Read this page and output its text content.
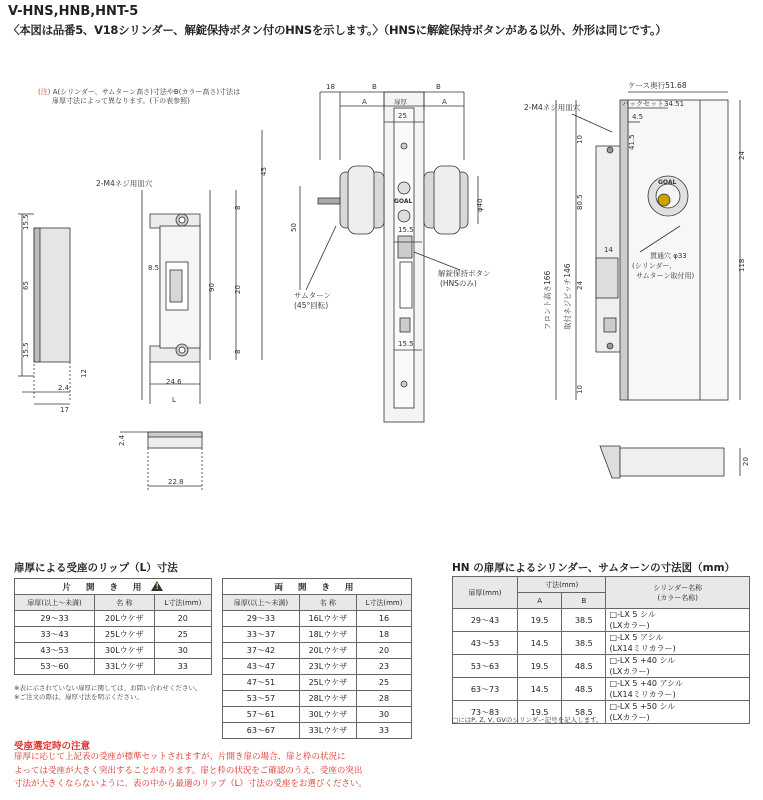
V-HNS,HNB,HNT-5
〈本図は品番5、V18シリンダー、解錠保持ボタン付のHNSを示します。〉（HNSに解錠保持ボタンがある以外、外形は同じです。）
(注) A(シリンダー、サムターン高さ)寸法やB(カラー高さ)寸法は
扉厚寸法によって異なります。(下の表参照)
15.5
65
15.5
2.4
17
12
8.5
24.6
L
8
20
90
8
45
2.4
22.8
18
A
B	B
A
25
50
φ40
15.5
15.5
4.5
41.5
10
80.5
24
118
14
24
10
20
2-M4ネジ用皿穴
扉厚
解錠保持ボタン
(HNSのみ)
サムターン
(45°回転)
ケース奥行51.68
バックセット34.51
2-M4ネジ用皿穴
フロント高さ166 取付ネジピッチ146
貫通穴 φ33
(シリンダー、
サムターン取付用)
GOAL
GOAL
扉厚による受座のリップ（L）寸法
片 開 き 用!
扉厚(以上〜未満)	名 称	L寸法(mm)
29〜33	20Lウケザ	20
33〜43	25Lウケザ	25
43〜53	30Lウケザ	30
53〜60	33Lウケザ	33
※表に示されていない扉厚に関しては、お問い合わせください。
※ご注文の際は、扉厚寸法を明示ください。
両 開 き 用		
扉厚(以上〜未満)	名 称	L寸法(mm)
29〜33	16Lウケザ	16
33〜37	18Lウケザ	18
37〜42	20Lウケザ	20
43〜47	23Lウケザ	23
47〜51	25Lウケザ	25
53〜57	28Lウケザ	28
57〜61	30Lウケザ	30
63〜67	33Lウケザ	33
HN の扉厚によるシリンダー、サムターンの寸法図（mm）
扉厚(mm)	寸法(mm)		シリンダー名称
(カラー名称)

	A	B	
29〜43	19.5	38.5	□-LX 5 シル
(LXカラー)

43〜53	14.5	38.5	□-LX 5 アシル
(LX14ミリカラー)

53〜63	19.5	48.5	□-LX 5 +40 シル
(LXカラー)

63〜73	14.5	48.5	□-LX 5 +40 アシル
(LX14ミリカラー)

73〜83	19.5	58.5	□-LX 5 +50 シル
(LXカラー)
□にはP, Z, V, GVのシリンダー記号を記入します。
受座選定時の注意
扉厚に応じて上記表の受座が標準セットされますが、片開き扉の場合、扉と枠の状況に
よっては受座が大きく突出することがあります。扉と枠の状況をご確認のうえ、受座の突出
寸法が大きくならないように、表の中から最適のリップ（L）寸法の受座をお選びください。
